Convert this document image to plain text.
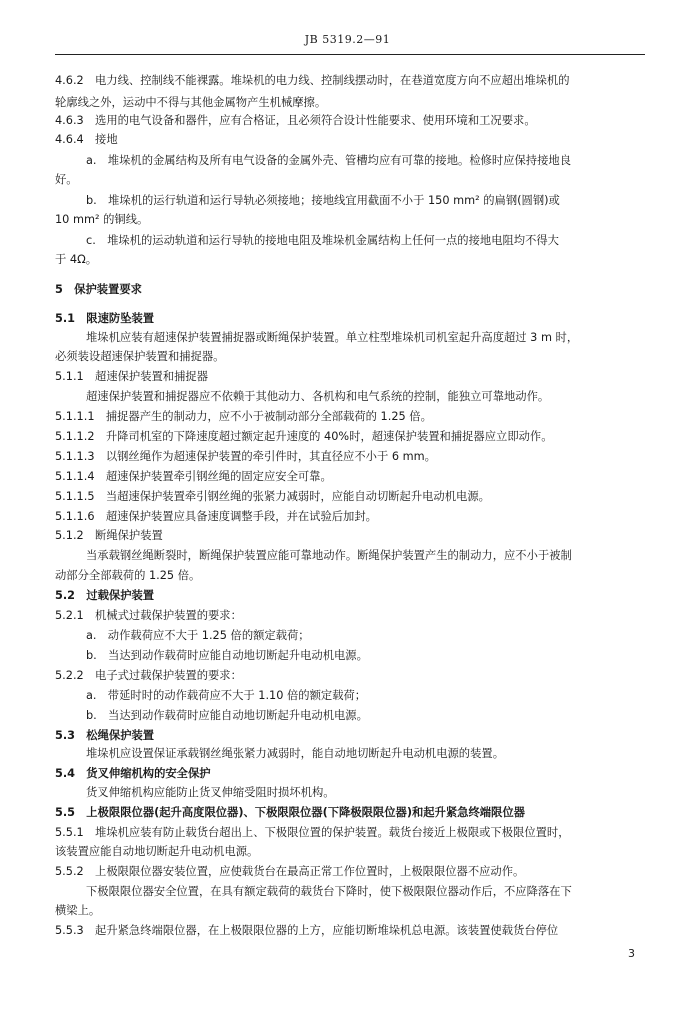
JB 5319.2—91
4.6.2　电力线、控制线不能裸露。堆垛机的电力线、控制线摆动时，在巷道宽度方向不应超出堆垛机的
轮廓线之外，运动中不得与其他金属物产生机械摩擦。
4.6.3　选用的电气设备和器件，应有合格证，且必须符合设计性能要求、使用环境和工况要求。
4.6.4　接地
a.　堆垛机的金属结构及所有电气设备的金属外壳、管槽均应有可靠的接地。检修时应保持接地良
好。
b.　堆垛机的运行轨道和运行导轨必须接地；接地线宜用截面不小于 150 mm² 的扁钢(圆钢)或
10 mm² 的铜线。
c.　堆垛机的运动轨道和运行导轨的接地电阻及堆垛机金属结构上任何一点的接地电阻均不得大
于 4Ω。
5　保护装置要求
5.1　限速防坠装置
堆垛机应装有超速保护装置捕捉器或断绳保护装置。单立柱型堆垛机司机室起升高度超过 3 m 时，
必须装设超速保护装置和捕捉器。
5.1.1　超速保护装置和捕捉器
超速保护装置和捕捉器应不依赖于其他动力、各机构和电气系统的控制，能独立可靠地动作。
5.1.1.1　捕捉器产生的制动力，应不小于被制动部分全部载荷的 1.25 倍。
5.1.1.2　升降司机室的下降速度超过额定起升速度的 40%时，超速保护装置和捕捉器应立即动作。
5.1.1.3　以钢丝绳作为超速保护装置的牵引件时，其直径应不小于 6 mm。
5.1.1.4　超速保护装置牵引钢丝绳的固定应安全可靠。
5.1.1.5　当超速保护装置牵引钢丝绳的张紧力减弱时，应能自动切断起升电动机电源。
5.1.1.6　超速保护装置应具备速度调整手段，并在试验后加封。
5.1.2　断绳保护装置
当承载钢丝绳断裂时，断绳保护装置应能可靠地动作。断绳保护装置产生的制动力，应不小于被制
动部分全部载荷的 1.25 倍。
5.2　过载保护装置
5.2.1　机械式过载保护装置的要求：
a.　动作载荷应不大于 1.25 倍的额定载荷；
b.　当达到动作载荷时应能自动地切断起升电动机电源。
5.2.2　电子式过载保护装置的要求：
a.　带延时时的动作载荷应不大于 1.10 倍的额定载荷；
b.　当达到动作载荷时应能自动地切断起升电动机电源。
5.3　松绳保护装置
堆垛机应设置保证承载钢丝绳张紧力减弱时，能自动地切断起升电动机电源的装置。
5.4　货叉伸缩机构的安全保护
货叉伸缩机构应能防止货叉伸缩受阻时损坏机构。
5.5　上极限限位器(起升高度限位器)、下极限限位器(下降极限限位器)和起升紧急终端限位器
5.5.1　堆垛机应装有防止载货台超出上、下极限位置的保护装置。载货台接近上极限或下极限位置时，
该装置应能自动地切断起升电动机电源。
5.5.2　上极限限位器安装位置，应使载货台在最高正常工作位置时，上极限限位器不应动作。
下极限限位器安全位置，在具有额定载荷的载货台下降时，使下极限限位器动作后，不应降落在下
横梁上。
5.5.3　起升紧急终端限位器，在上极限限位器的上方，应能切断堆垛机总电源。该装置使载货台停位
3
